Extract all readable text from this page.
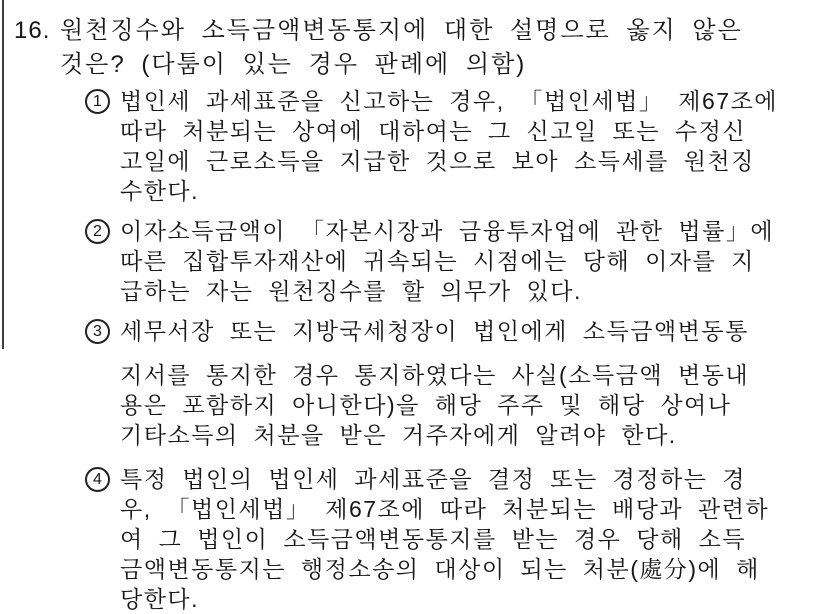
16. 원천징수와 소득금액변동통지에 대한 설명으로 옳지 않은
것은? (다툼이 있는 경우 판례에 의함)
1 법인세 과세표준을 신고하는 경우, 「법인세법」 제67조에
따라 처분되는 상여에 대하여는 그 신고일 또는 수정신
고일에 근로소득을 지급한 것으로 보아 소득세를 원천징
수한다.
2 이자소득금액이 「자본시장과 금융투자업에 관한 법률」에
따른 집합투자재산에 귀속되는 시점에는 당해 이자를 지
급하는 자는 원천징수를 할 의무가 있다.
3 세무서장 또는 지방국세청장이 법인에게 소득금액변동통
지서를 통지한 경우 통지하였다는 사실(소득금액 변동내
용은 포함하지 아니한다)을 해당 주주 및 해당 상여나
기타소득의 처분을 받은 거주자에게 알려야 한다.
4 특정 법인의 법인세 과세표준을 결정 또는 경정하는 경
우, 「법인세법」 제67조에 따라 처분되는 배당과 관련하
여 그 법인이 소득금액변동통지를 받는 경우 당해 소득
금액변동통지는 행정소송의 대상이 되는 처분(處分)에 해
당한다.
